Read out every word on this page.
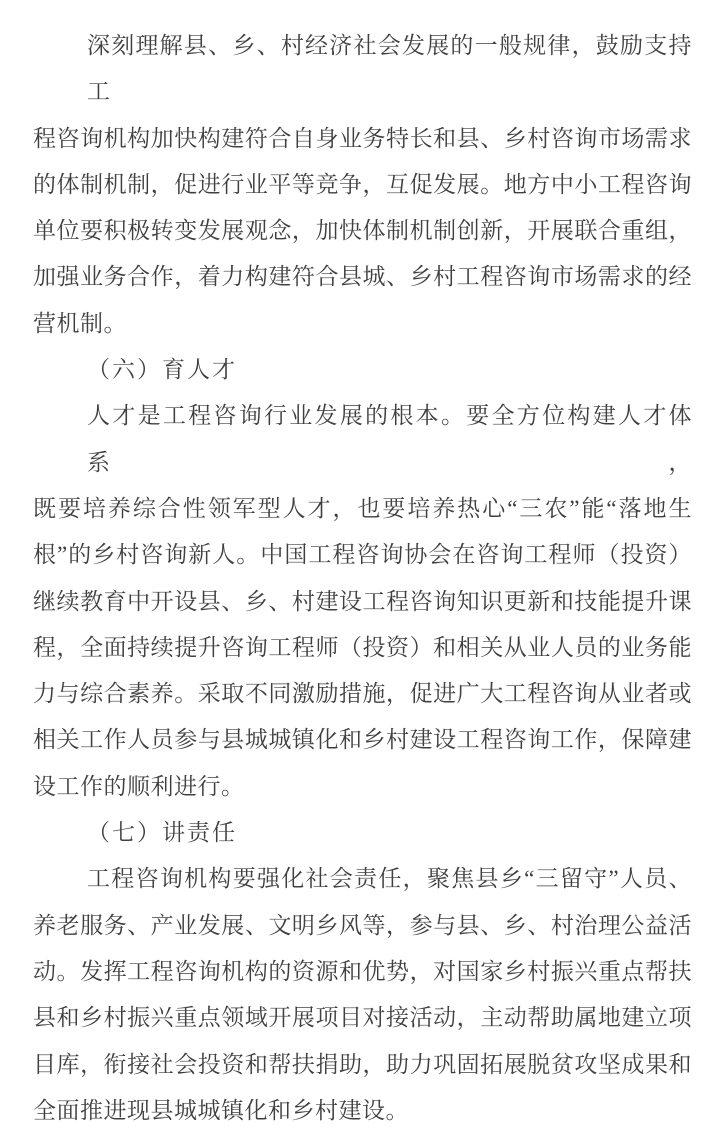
深刻理解县、乡、村经济社会发展的一般规律，鼓励支持工
程咨询机构加快构建符合自身业务特长和县、乡村咨询市场需求
的体制机制，促进行业平等竞争，互促发展。地方中小工程咨询
单位要积极转变发展观念，加快体制机制创新，开展联合重组，
加强业务合作，着力构建符合县城、乡村工程咨询市场需求的经
营机制。
（六）育人才
人才是工程咨询行业发展的根本。要全方位构建人才体系，
既要培养综合性领军型人才，也要培养热心“三农”能“落地生
根”的乡村咨询新人。中国工程咨询协会在咨询工程师（投资）
继续教育中开设县、乡、村建设工程咨询知识更新和技能提升课
程，全面持续提升咨询工程师（投资）和相关从业人员的业务能
力与综合素养。采取不同激励措施，促进广大工程咨询从业者或
相关工作人员参与县城城镇化和乡村建设工程咨询工作，保障建
设工作的顺利进行。
（七）讲责任
工程咨询机构要强化社会责任，聚焦县乡“三留守”人员、
养老服务、产业发展、文明乡风等，参与县、乡、村治理公益活
动。发挥工程咨询机构的资源和优势，对国家乡村振兴重点帮扶
县和乡村振兴重点领域开展项目对接活动，主动帮助属地建立项
目库，衔接社会投资和帮扶捐助，助力巩固拓展脱贫攻坚成果和
全面推进现县城城镇化和乡村建设。
